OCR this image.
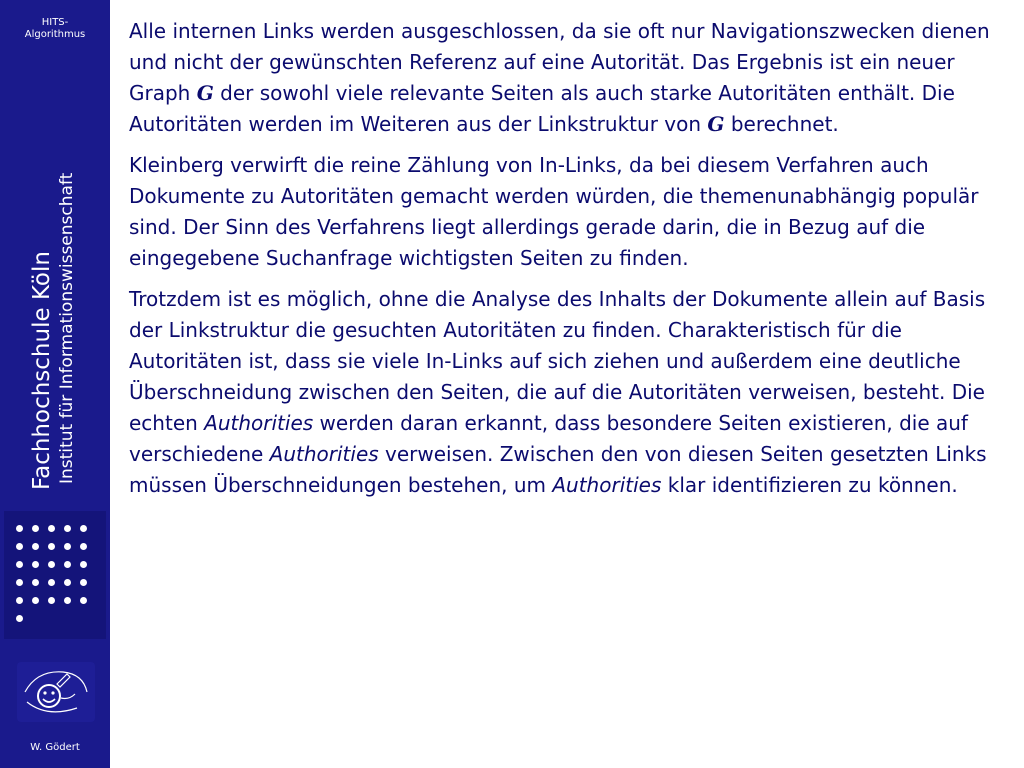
HITS-
Algorithmus
Fachhochschule Köln Institut für Informationswissenschaft
W. Gödert

Alle internen Links werden ausgeschlossen, da sie oft nur Navigationszwecken dienen und nicht der gewünschten Referenz auf eine Autorität. Das Ergebnis ist ein neuer Graph G der sowohl viele relevante Seiten als auch starke Autoritäten enthält. Die Autoritäten werden im Weiteren aus der Linkstruktur von G berechnet.

Kleinberg verwirft die reine Zählung von In-Links, da bei diesem Verfahren auch Dokumente zu Autoritäten gemacht werden würden, die themenunabhängig populär sind. Der Sinn des Verfahrens liegt allerdings gerade darin, die in Bezug auf die eingegebene Suchanfrage wichtigsten Seiten zu finden.

Trotzdem ist es möglich, ohne die Analyse des Inhalts der Dokumente allein auf Basis der Linkstruktur die gesuchten Autoritäten zu finden. Charakteristisch für die Autoritäten ist, dass sie viele In-Links auf sich ziehen und außerdem eine deutliche Überschneidung zwischen den Seiten, die auf die Autoritäten verweisen, besteht. Die echten Authorities werden daran erkannt, dass besondere Seiten existieren, die auf verschiedene Authorities verweisen. Zwischen den von diesen Seiten gesetzten Links müssen Überschneidungen bestehen, um Authorities klar identifizieren zu können.
